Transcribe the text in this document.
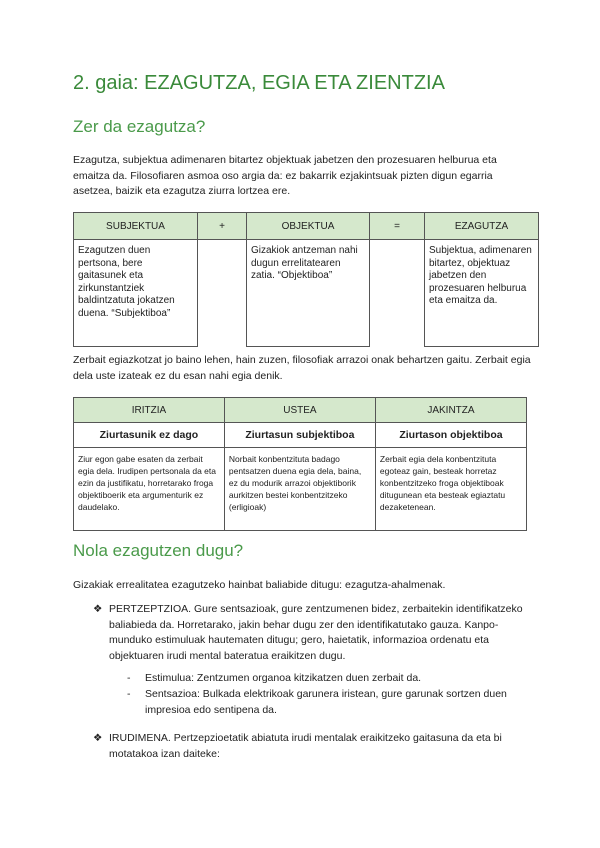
2. gaia: EZAGUTZA, EGIA ETA ZIENTZIA
Zer da ezagutza?
Ezagutza, subjektua adimenaren bitartez objektuak jabetzen den prozesuaren helburua eta emaitza da. Filosofiaren asmoa oso argia da: ez bakarrik ezjakintsuak pizten digun egarria asetzea, baizik eta ezagutza ziurra lortzea ere.
SUBJEKTUA	+	OBJEKTUA	=	EZAGUTZA
Ezagutzen duen pertsona, bere gaitasunek eta zirkunstantziek baldintzatuta jokatzen duena. “Subjektiboa”		Gizakiok antzeman nahi dugun errelitatearen zatia. “Objektiboa”		Subjektua, adimenaren bitartez, objektuaz jabetzen den prozesuaren helburua eta emaitza da.
Zerbait egiazkotzat jo baino lehen, hain zuzen, filosofiak arrazoi onak behartzen gaitu. Zerbait egia dela uste izateak ez du esan nahi egia denik.
IRITZIA	USTEA	JAKINTZA
Ziurtasunik ez dago	Ziurtasun subjektiboa	Ziurtason objektiboa
Ziur egon gabe esaten da zerbait egia dela. Irudipen pertsonala da eta ezin da justifikatu, horretarako froga objektiboerik eta argumenturik ez daudelako.	Norbait konbentzituta badago pentsatzen duena egia dela, baina, ez du modurik arrazoi objektiborik aurkitzen bestei konbentzitzeko (erligioak)	Zerbait egia dela konbentzituta egoteaz gain, besteak horretaz konbentzitzeko froga objektiboak ditugunean eta besteak egiaztatu dezaketenean.
Nola ezagutzen dugu?
Gizakiak errealitatea ezagutzeko hainbat baliabide ditugu: ezagutza-ahalmenak.
❖ PERTZEPTZIOA. Gure sentsazioak, gure zentzumenen bidez, zerbaitekin identifikatzeko baliabieda da. Horretarako, jakin behar dugu zer den identifikatutako gauza. Kanpo-munduko estimuluak hautematen ditugu; gero, haietatik, informazioa ordenatu eta objektuaren irudi mental bateratua eraikitzen dugu.
- Estimulua: Zentzumen organoa kitzikatzen duen zerbait da.
- Sentsazioa: Bulkada elektrikoak garunera iristean, gure garunak sortzen duen impresioa edo sentipena da.
❖ IRUDIMENA. Pertzepzioetatik abiatuta irudi mentalak eraikitzeko gaitasuna da eta bi motatakoa izan daiteke:
